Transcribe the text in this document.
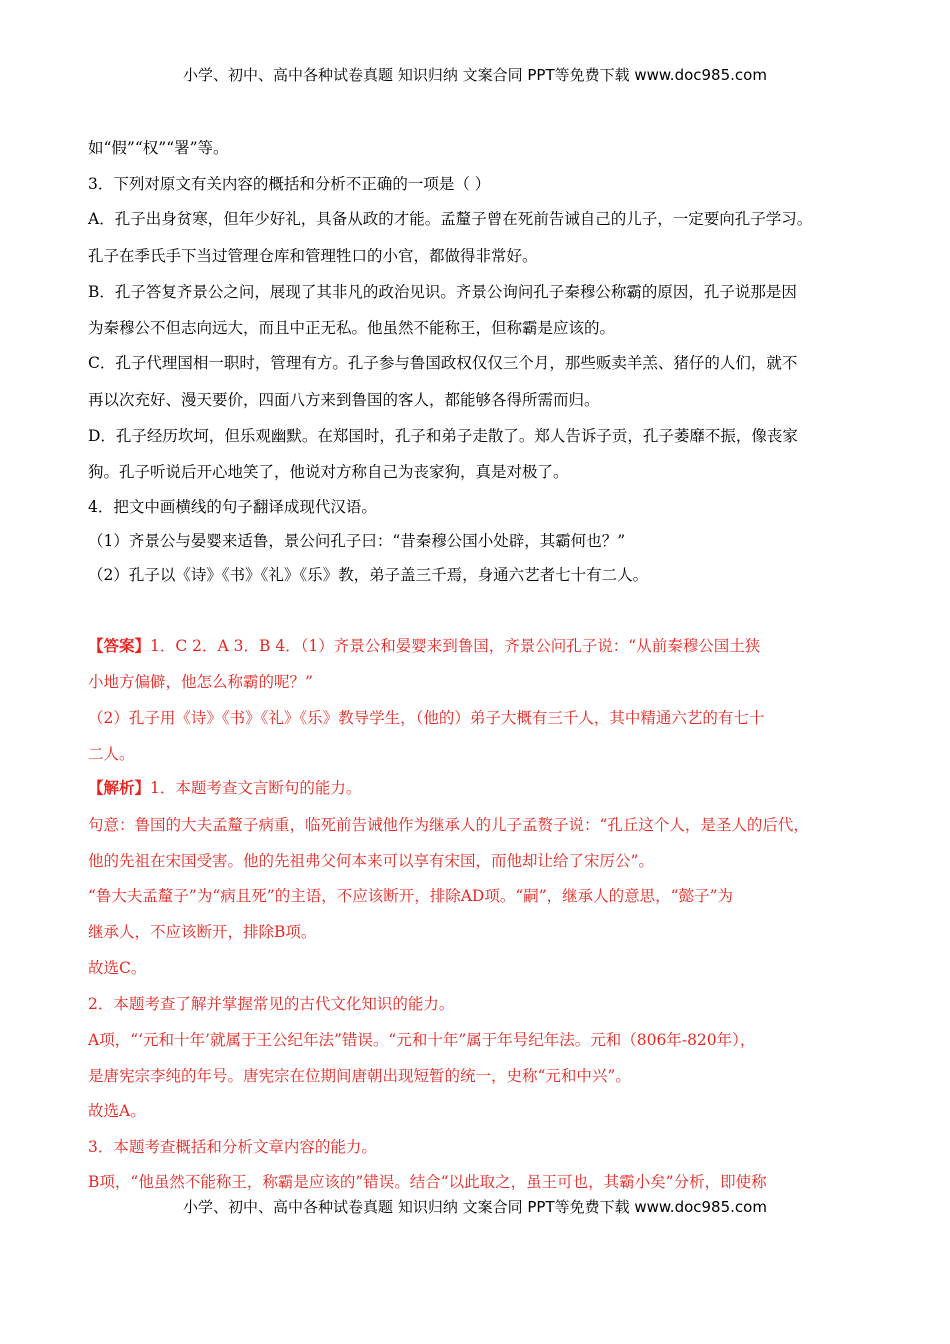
小学、初中、高中各种试卷真题 知识归纳 文案合同 PPT等免费下载 www.doc985.com
如“假”“权”“署”等。
3．下列对原文有关内容的概括和分析不正确的一项是（ ）
A．孔子出身贫寒，但年少好礼，具备从政的才能。孟釐子曾在死前告诫自己的儿子，一定要向孔子学习。
孔子在季氏手下当过管理仓库和管理牲口的小官，都做得非常好。
B．孔子答复齐景公之问，展现了其非凡的政治见识。齐景公询问孔子秦穆公称霸的原因，孔子说那是因
为秦穆公不但志向远大，而且中正无私。他虽然不能称王，但称霸是应该的。
C．孔子代理国相一职时，管理有方。孔子参与鲁国政权仅仅三个月，那些贩卖羊羔、猪仔的人们，就不
再以次充好、漫天要价，四面八方来到鲁国的客人，都能够各得所需而归。
D．孔子经历坎坷，但乐观幽默。在郑国时，孔子和弟子走散了。郑人告诉子贡，孔子萎靡不振，像丧家
狗。孔子听说后开心地笑了，他说对方称自己为丧家狗，真是对极了。
4．把文中画横线的句子翻译成现代汉语。
（1）齐景公与晏婴来适鲁，景公问孔子曰：“昔秦穆公国小处辟，其霸何也？”
（2）孔子以《诗》《书》《礼》《乐》教，弟子盖三千焉，身通六艺者七十有二人。
【答案】1．C 2．A 3．B 4．（1）齐景公和晏婴来到鲁国，齐景公问孔子说：“从前秦穆公国土狭
小地方偏僻，他怎么称霸的呢？”
（2）孔子用《诗》《书》《礼》《乐》教导学生，（他的）弟子大概有三千人，其中精通六艺的有七十
二人。
【解析】1．本题考查文言断句的能力。
句意：鲁国的大夫孟釐子病重，临死前告诫他作为继承人的儿子孟赘子说：“孔丘这个人，是圣人的后代，
他的先祖在宋国受害。他的先祖弗父何本来可以享有宋国，而他却让给了宋厉公”。
“鲁大夫孟釐子”为“病且死”的主语，不应该断开，排除AD项。“嗣”，继承人的意思，“懿子”为
继承人，不应该断开，排除B项。
故选C。
2．本题考查了解并掌握常见的古代文化知识的能力。
A项，“‘元和十年’就属于王公纪年法”错误。“元和十年”属于年号纪年法。元和（806年-820年），
是唐宪宗李纯的年号。唐宪宗在位期间唐朝出现短暂的统一，史称“元和中兴”。
故选A。
3．本题考查概括和分析文章内容的能力。
B项，“他虽然不能称王，称霸是应该的”错误。结合“以此取之，虽王可也，其霸小矣”分析，即使称
小学、初中、高中各种试卷真题 知识归纳 文案合同 PPT等免费下载 www.doc985.com
